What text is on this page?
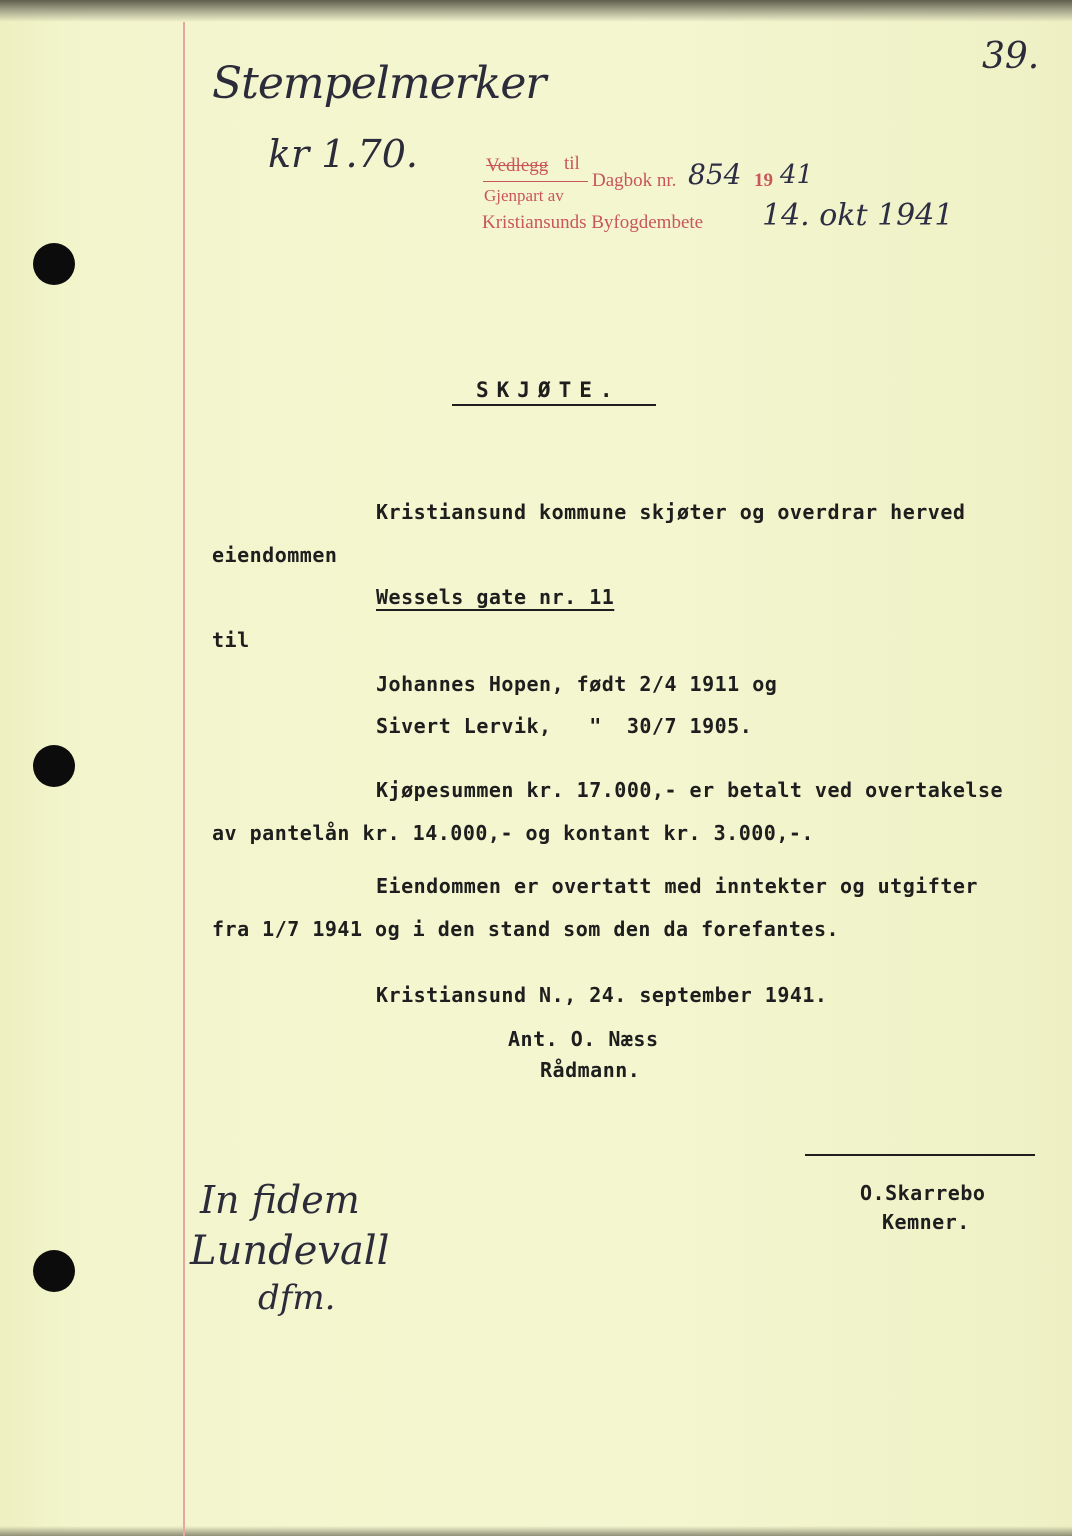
39.
Stempelmerker
kr 1.70.	Vedlegg til
Gjenpart av
Dagbok nr. 854 19 41
Kristiansunds Byfogdembete 14. okt 1941
SKJØTE.
Kristiansund kommune skjøter og overdrar herved
eiendommen
Wessels gate nr. 11
til
Johannes Hopen, født 2/4 1911 og
Sivert Lervik,   "  30/7 1905.
Kjøpesummen kr. 17.000,- er betalt ved overtakelse
av pantelån kr. 14.000,- og kontant kr. 3.000,-.
Eiendommen er overtatt med inntekter og utgifter
fra 1/7 1941 og i den stand som den da forefantes.
Kristiansund N., 24. september 1941.
Ant. O. Næss
Rådmann.
O.Skarrebo
Kemner.
In fidem
Lundevall
dfm.
